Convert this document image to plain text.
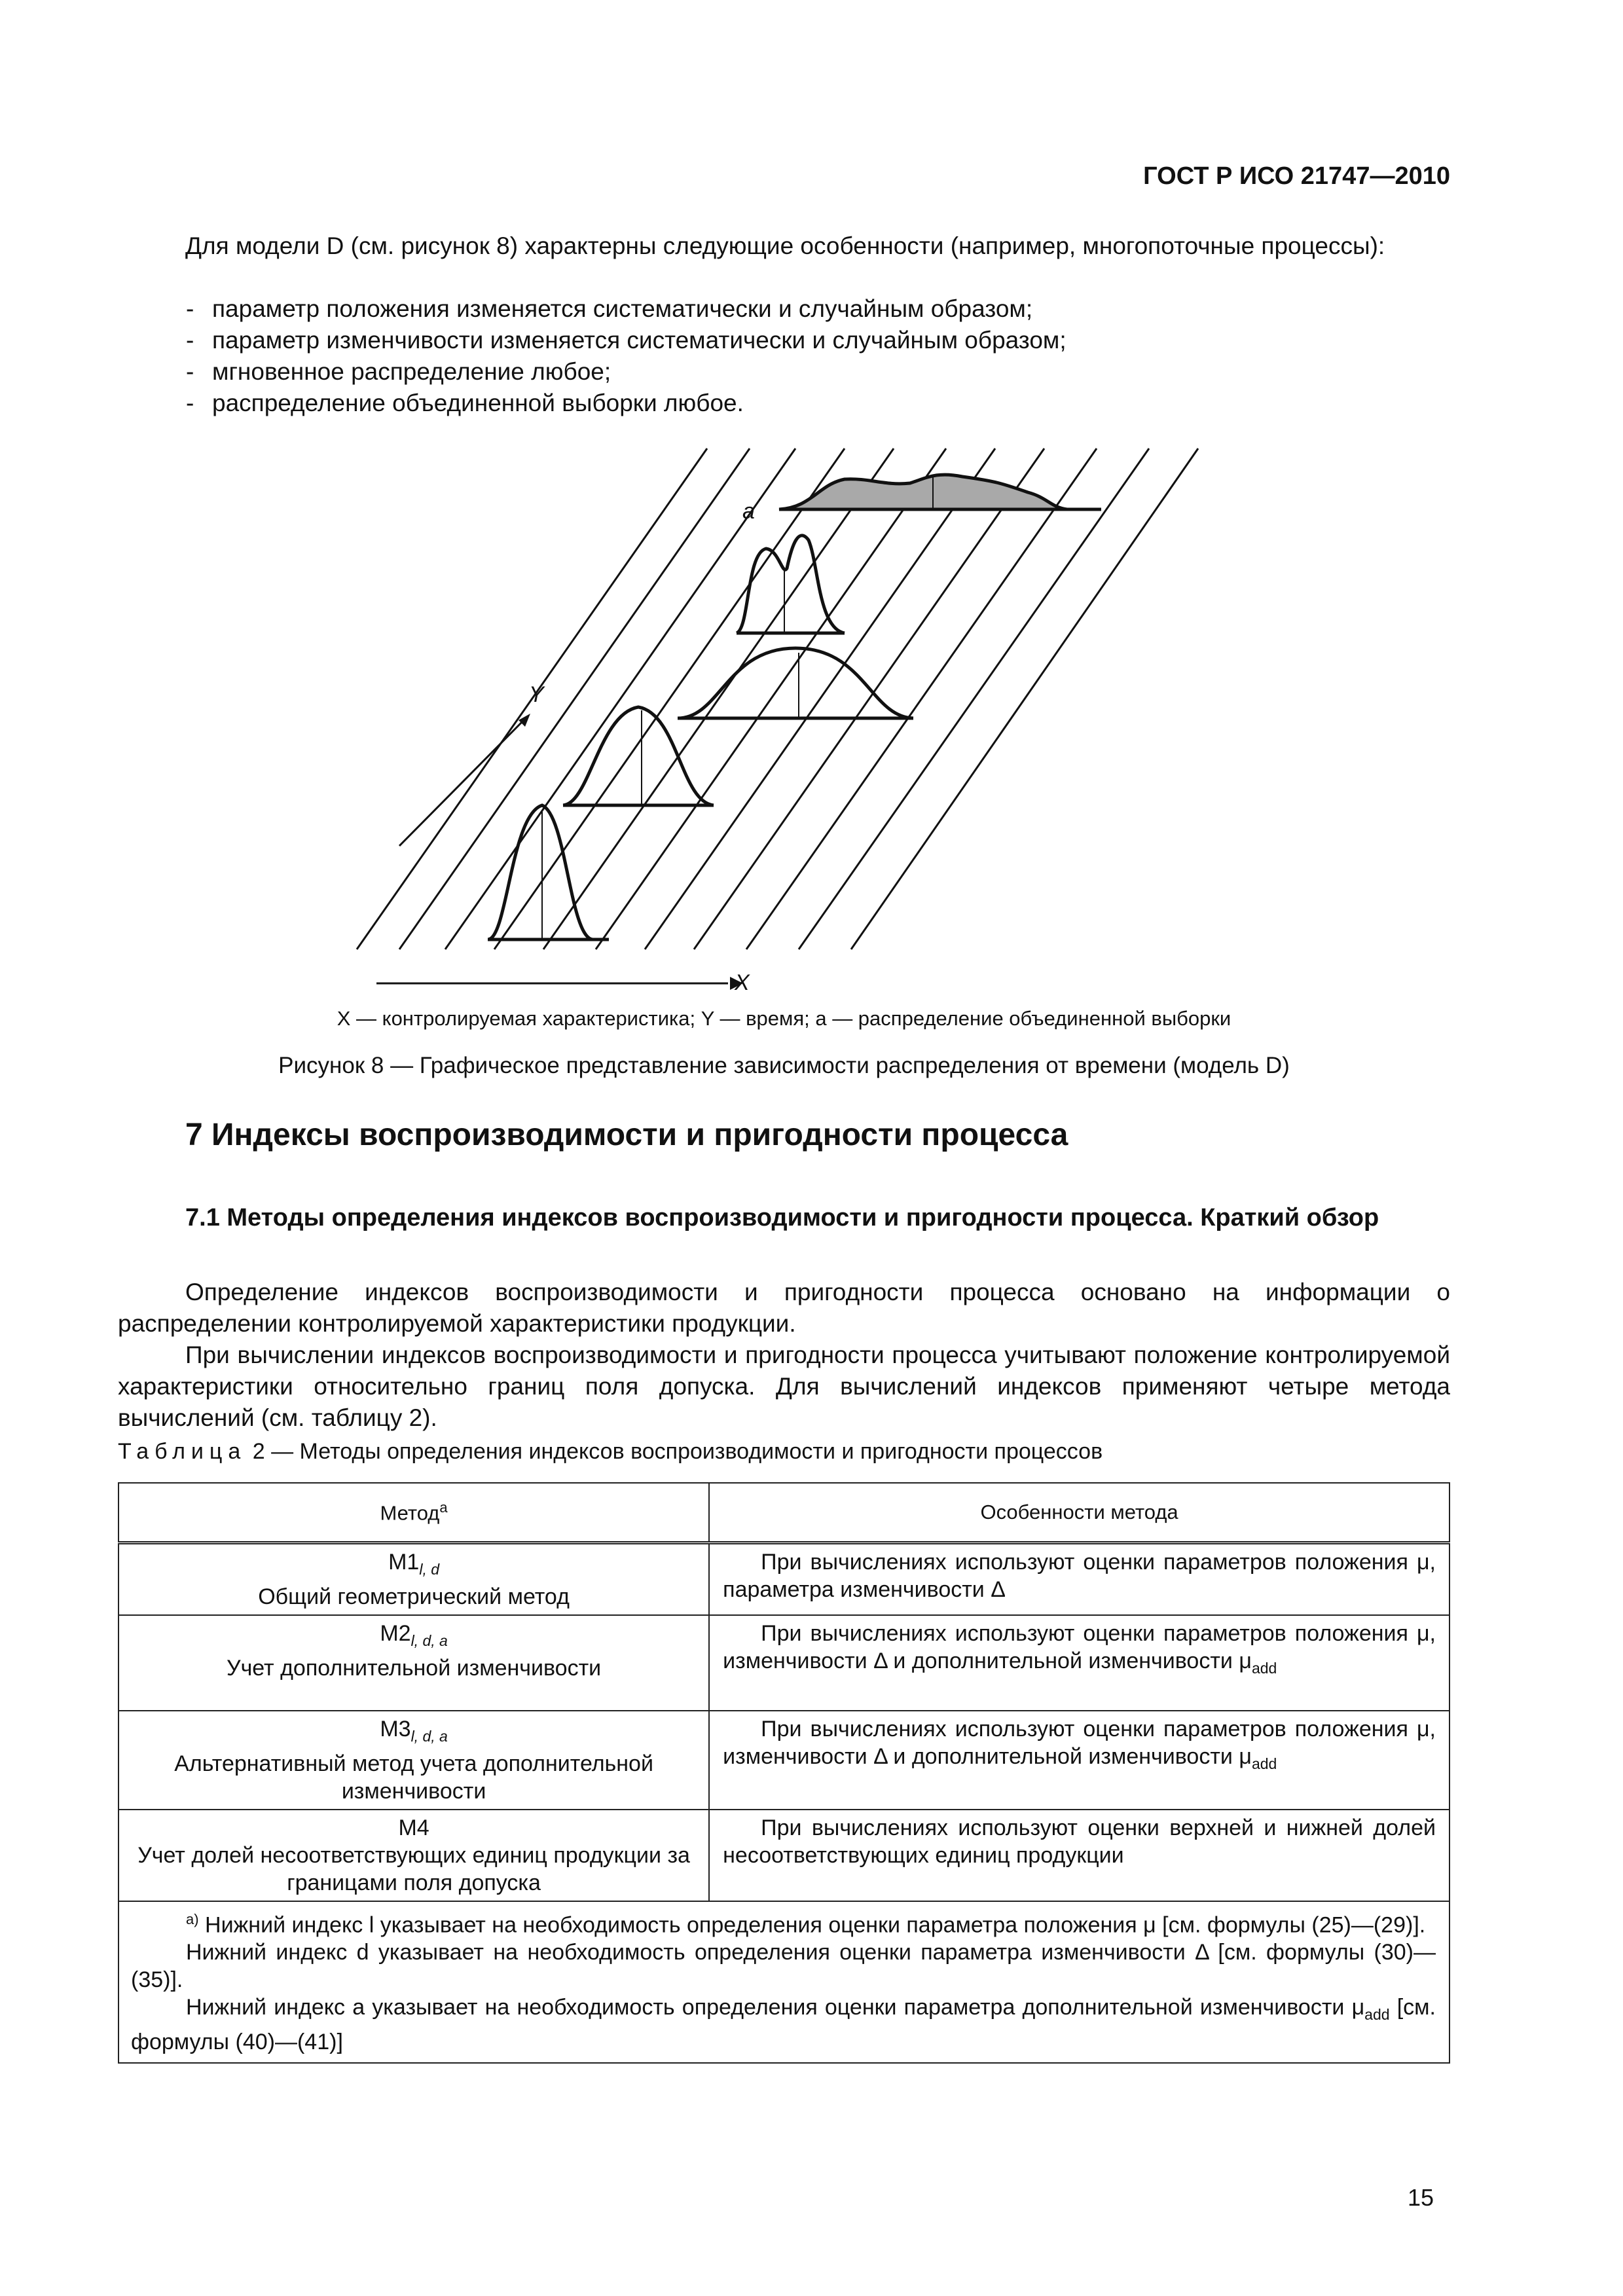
ГОСТ Р ИСО 21747—2010
Для модели D (см. рисунок 8) характерны следующие особенности (например, многопоточные процессы):
- параметр положения изменяется систематически и случайным образом;
- параметр изменчивости изменяется систематически и случайным образом;
- мгновенное распределение любое;
- распределение объединенной выборки любое.
Y
X
a
X — контролируемая характеристика; Y — время; a — распределение объединенной выборки
Рисунок 8 — Графическое представление зависимости распределения от времени (модель D)
7 Индексы воспроизводимости и пригодности процесса
7.1 Методы определения индексов воспроизводимости и пригодности процесса. Краткий обзор
Определение индексов воспроизводимости и пригодности процесса основано на информации о распределении контролируемой характеристики продукции.
При вычислении индексов воспроизводимости и пригодности процесса учитывают положение контролируемой характеристики относительно границ поля допуска. Для вычислений индексов применяют четыре метода вычислений (см. таблицу 2).
Таблица 2 — Методы определения индексов воспроизводимости и пригодности процессов
Метод$^a$	Особенности метода
$M1_{l, d}$
Общий геометрический метод	При вычислениях используют оценки параметров положения μ, параметра изменчивости Δ

$M2_{l, d, a}$
Учет дополнительной изменчивости	При вычислениях используют оценки параметров положения μ, изменчивости Δ и дополнительной изменчивости $\mu_{add}$

$M3_{l, d, a}$
Альтернативный метод учета дополнительной изменчивости	При вычислениях используют оценки параметров положения μ, изменчивости Δ и дополнительной изменчивости $\mu_{add}$

M4
Учет долей несоответствующих единиц продукции за границами поля допуска	При вычислениях используют оценки верхней и нижней долей несоответствующих единиц продукции

$^{а)}$ Нижний индекс l указывает на необходимость определения оценки параметра положения μ [см. формулы (25)—(29)].
Нижний индекс d указывает на необходимость определения оценки параметра изменчивости Δ [см. формулы (30)—(35)].
Нижний индекс a указывает на необходимость определения оценки параметра дополнительной изменчивости $\mu_{add}$ [см. формулы (40)—(41)]	
15
